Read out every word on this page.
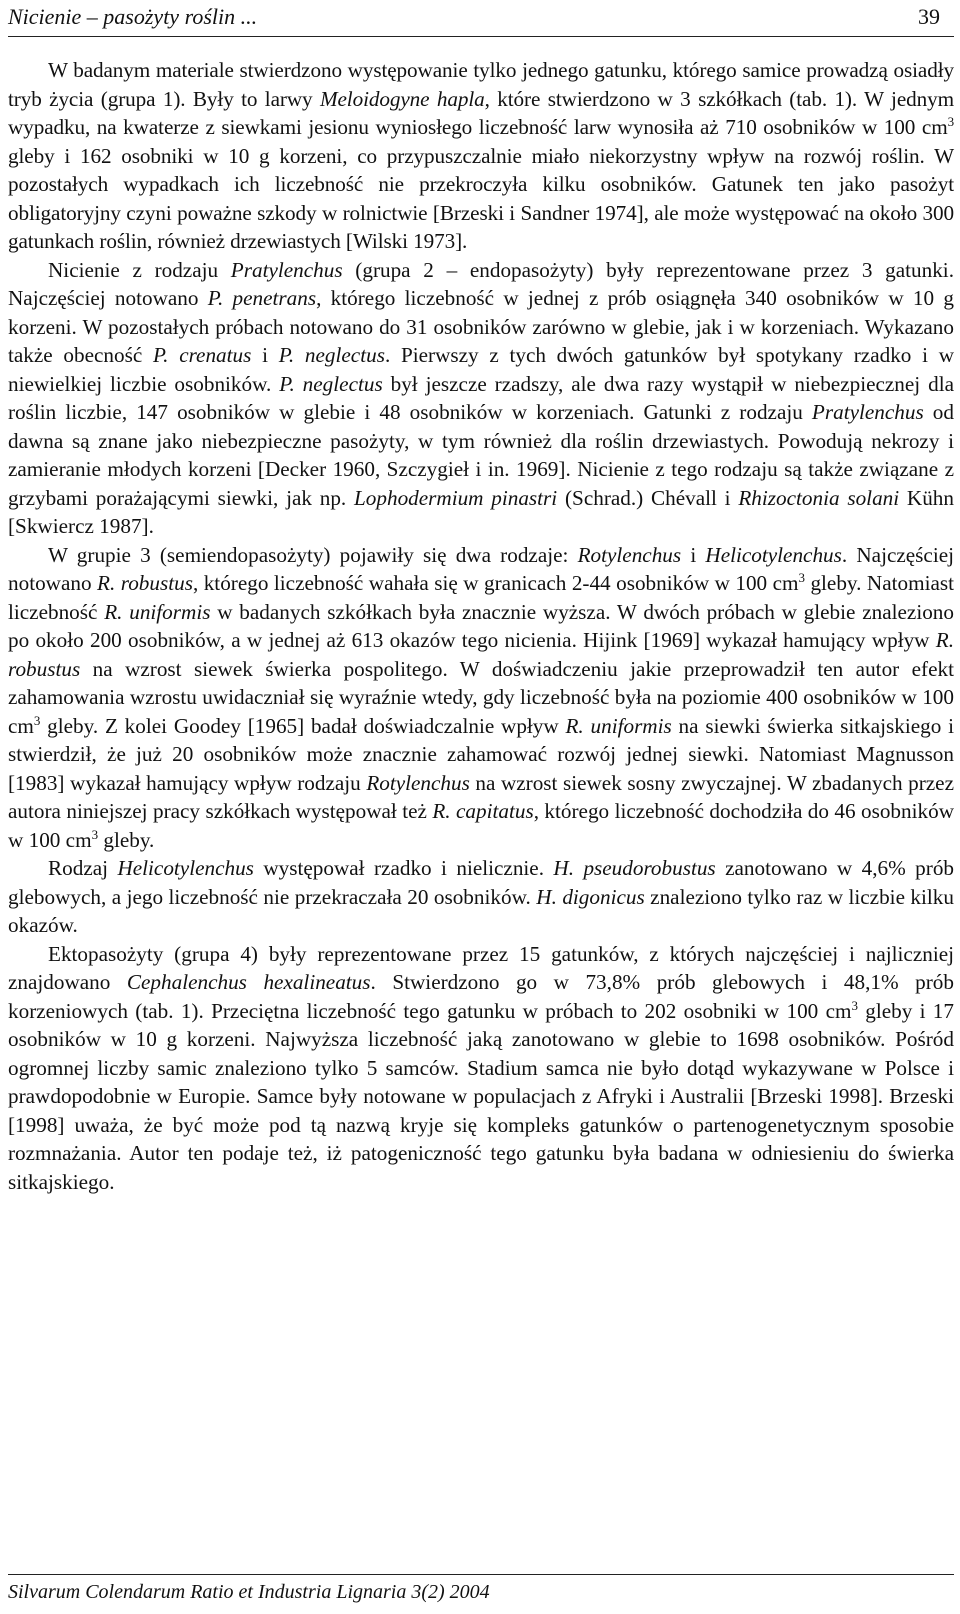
Nicienie – pasożyty roślin ...	39

W badanym materiale stwierdzono występowanie tylko jednego gatunku, którego samice prowadzą osiadły tryb życia (grupa 1). Były to larwy Meloidogyne hapla, które stwierdzono w 3 szkółkach (tab. 1). W jednym wypadku, na kwaterze z siewkami jesionu wyniosłego liczebność larw wynosiła aż 710 osobników w 100 $cm^3$ gleby i 162 osobniki w 10 g korzeni, co przypuszczalnie miało niekorzystny wpływ na rozwój roślin. W pozostałych wypadkach ich liczebność nie przekroczyła kilku osobników. Gatunek ten jako pasożyt obligatoryjny czyni poważne szkody w rolnictwie [Brzeski i Sandner 1974], ale może występować na około 300 gatunkach roślin, również drzewiastych [Wilski 1973].

Nicienie z rodzaju Pratylenchus (grupa 2 – endopasożyty) były reprezentowane przez 3 gatunki. Najczęściej notowano P. penetrans, którego liczebność w jednej z prób osiągnęła 340 osobników w 10 g korzeni. W pozostałych próbach notowano do 31 osobników zarówno w glebie, jak i w korzeniach. Wykazano także obecność P. crenatus i P. neglectus. Pierwszy z tych dwóch gatunków był spotykany rzadko i w niewielkiej liczbie osobników. P. neglectus był jeszcze rzadszy, ale dwa razy wystąpił w niebezpiecznej dla roślin liczbie, 147 osobników w glebie i 48 osobników w korzeniach. Gatunki z rodzaju Pratylenchus od dawna są znane jako niebezpieczne pasożyty, w tym również dla roślin drzewiastych. Powodują nekrozy i zamieranie młodych korzeni [Decker 1960, Szczygieł i in. 1969]. Nicienie z tego rodzaju są także związane z grzybami porażającymi siewki, jak np. Lophodermium pinastri (Schrad.) Chévall i Rhizoctonia solani Kühn [Skwiercz 1987].

W grupie 3 (semiendopasożyty) pojawiły się dwa rodzaje: Rotylenchus i Helicotylenchus. Najczęściej notowano R. robustus, którego liczebność wahała się w granicach 2-44 osobników w 100 $cm^3$ gleby. Natomiast liczebność R. uniformis w badanych szkółkach była znacznie wyższa. W dwóch próbach w glebie znaleziono po około 200 osobników, a w jednej aż 613 okazów tego nicienia. Hijink [1969] wykazał hamujący wpływ R. robustus na wzrost siewek świerka pospolitego. W doświadczeniu jakie przeprowadził ten autor efekt zahamowania wzrostu uwidaczniał się wyraźnie wtedy, gdy liczebność była na poziomie 400 osobników w 100 $cm^3$ gleby. Z kolei Goodey [1965] badał doświadczalnie wpływ R. uniformis na siewki świerka sitkajskiego i stwierdził, że już 20 osobników może znacznie zahamować rozwój jednej siewki. Natomiast Magnusson [1983] wykazał hamujący wpływ rodzaju Rotylenchus na wzrost siewek sosny zwyczajnej. W zbadanych przez autora niniejszej pracy szkółkach występował też R. capitatus, którego liczebność dochodziła do 46 osobników w 100 $cm^3$ gleby.

Rodzaj Helicotylenchus występował rzadko i nielicznie. H. pseudorobustus zanotowano w 4,6% prób glebowych, a jego liczebność nie przekraczała 20 osobników. H. digonicus znaleziono tylko raz w liczbie kilku okazów.

Ektopasożyty (grupa 4) były reprezentowane przez 15 gatunków, z których najczęściej i najliczniej znajdowano Cephalenchus hexalineatus. Stwierdzono go w 73,8% prób glebowych i 48,1% prób korzeniowych (tab. 1). Przeciętna liczebność tego gatunku w próbach to 202 osobniki w 100 $cm^3$ gleby i 17 osobników w 10 g korzeni. Najwyższa liczebność jaką zanotowano w glebie to 1698 osobników. Pośród ogromnej liczby samic znaleziono tylko 5 samców. Stadium samca nie było dotąd wykazywane w Polsce i prawdopodobnie w Europie. Samce były notowane w populacjach z Afryki i Australii [Brzeski 1998]. Brzeski [1998] uważa, że być może pod tą nazwą kryje się kompleks gatunków o partenogenetycznym sposobie rozmnażania. Autor ten podaje też, iż patogeniczność tego gatunku była badana w odniesieniu do świerka sitkajskiego.

Silvarum Colendarum Ratio et Industria Lignaria 3(2) 2004
